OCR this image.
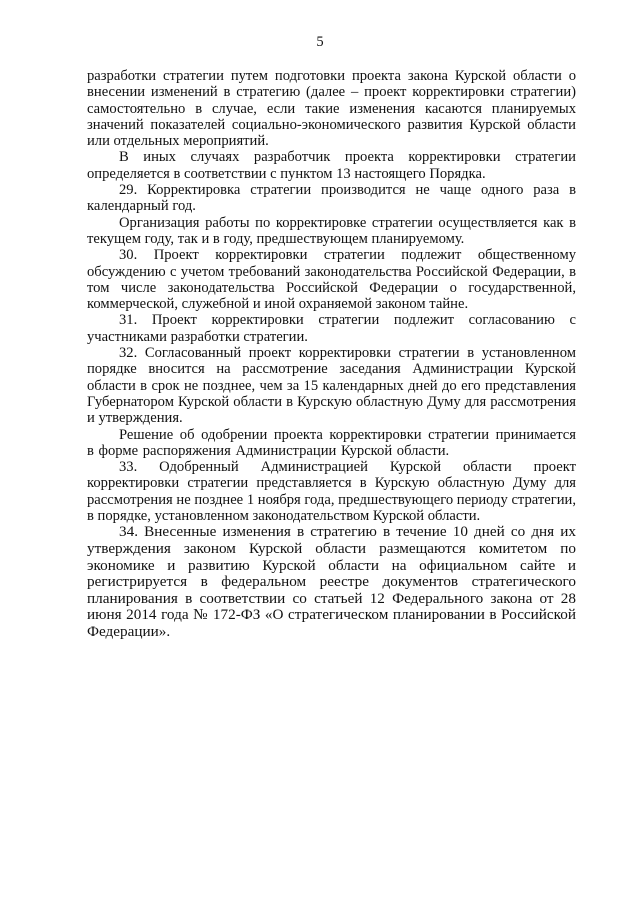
5

разработки стратегии путем подготовки проекта закона Курской области о внесении изменений в стратегию (далее – проект корректировки стратегии) самостоятельно в случае, если такие изменения касаются планируемых значений показателей социально-экономического развития Курской области или отдельных мероприятий.

В иных случаях разработчик проекта корректировки стратегии определяется в соответствии с пунктом 13 настоящего Порядка.

29. Корректировка стратегии производится не чаще одного раза в календарный год.

Организация работы по корректировке стратегии осуществляется как в текущем году, так и в году, предшествующем планируемому.

30. Проект корректировки стратегии подлежит общественному обсуждению с учетом требований законодательства Российской Федерации, в том числе законодательства Российской Федерации о государственной, коммерческой, служебной и иной охраняемой законом тайне.

31. Проект корректировки стратегии подлежит согласованию с участниками разработки стратегии.

32. Согласованный проект корректировки стратегии в установленном порядке вносится на рассмотрение заседания Администрации Курской области в срок не позднее, чем за 15 календарных дней до его представления Губернатором Курской области в Курскую областную Думу для рассмотрения и утверждения.

Решение об одобрении проекта корректировки стратегии принимается в форме распоряжения Администрации Курской области.

33. Одобренный Администрацией Курской области проект корректировки стратегии представляется в Курскую областную Думу для рассмотрения не позднее 1 ноября года, предшествующего периоду стратегии, в порядке, установленном законодательством Курской области.

34. Внесенные изменения в стратегию в течение 10 дней со дня их утверждения законом Курской области размещаются комитетом по экономике и развитию Курской области на официальном сайте и регистрируется в федеральном реестре документов стратегического планирования в соответствии со статьей 12 Федерального закона от 28 июня 2014 года № 172-ФЗ «О стратегическом планировании в Российской Федерации».
